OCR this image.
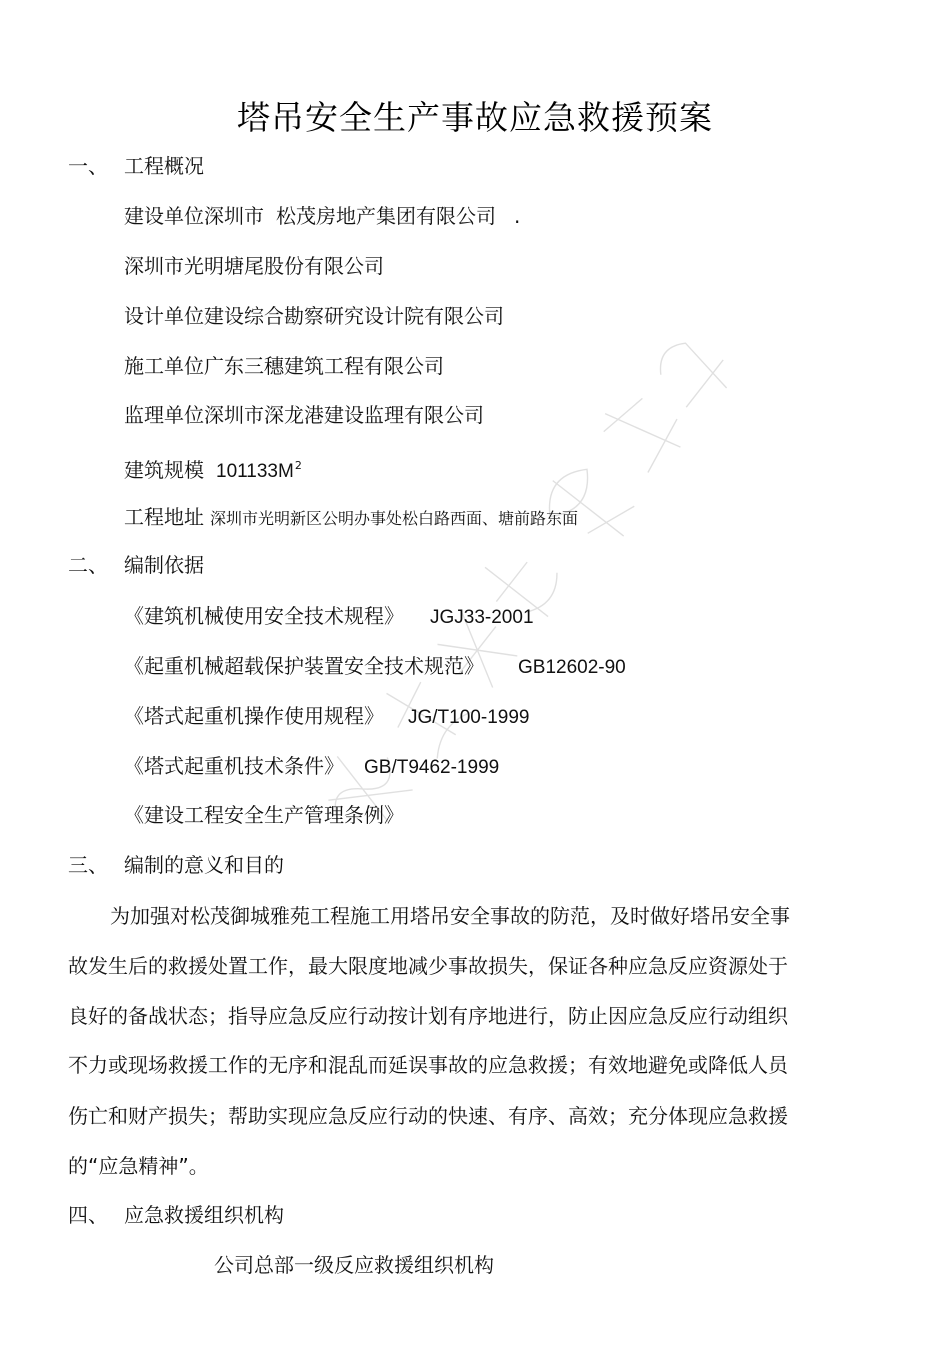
塔吊安全生产事故应急救援预案
一、 工程概况
建设单位深圳市 松茂房地产集团有限公司 .
深圳市光明塘尾股份有限公司
设计单位建设综合勘察研究设计院有限公司
施工单位广东三穗建筑工程有限公司
监理单位深圳市深龙港建设监理有限公司
建筑规模 $101133M^2$
工程地址 深圳市光明新区公明办事处松白路西面、塘前路东面
二、 编制依据
《建筑机械使用安全技术规程》 JGJ33-2001
《起重机械超载保护装置安全技术规范》 GB12602-90
《塔式起重机操作使用规程》 JG/T100-1999
《塔式起重机技术条件》 GB/T9462-1999
《建设工程安全生产管理条例》
三、 编制的意义和目的
为加强对松茂御城雅苑工程施工用塔吊安全事故的防范，及时做好塔吊安全事
故发生后的救援处置工作，最大限度地减少事故损失，保证各种应急反应资源处于
良好的备战状态；指导应急反应行动按计划有序地进行，防止因应急反应行动组织
不力或现场救援工作的无序和混乱而延误事故的应急救援；有效地避免或降低人员
伤亡和财产损失；帮助实现应急反应行动的快速、有序、高效；充分体现应急救援
的“应急精神”。
四、 应急救援组织机构
公司总部一级反应救援组织机构
